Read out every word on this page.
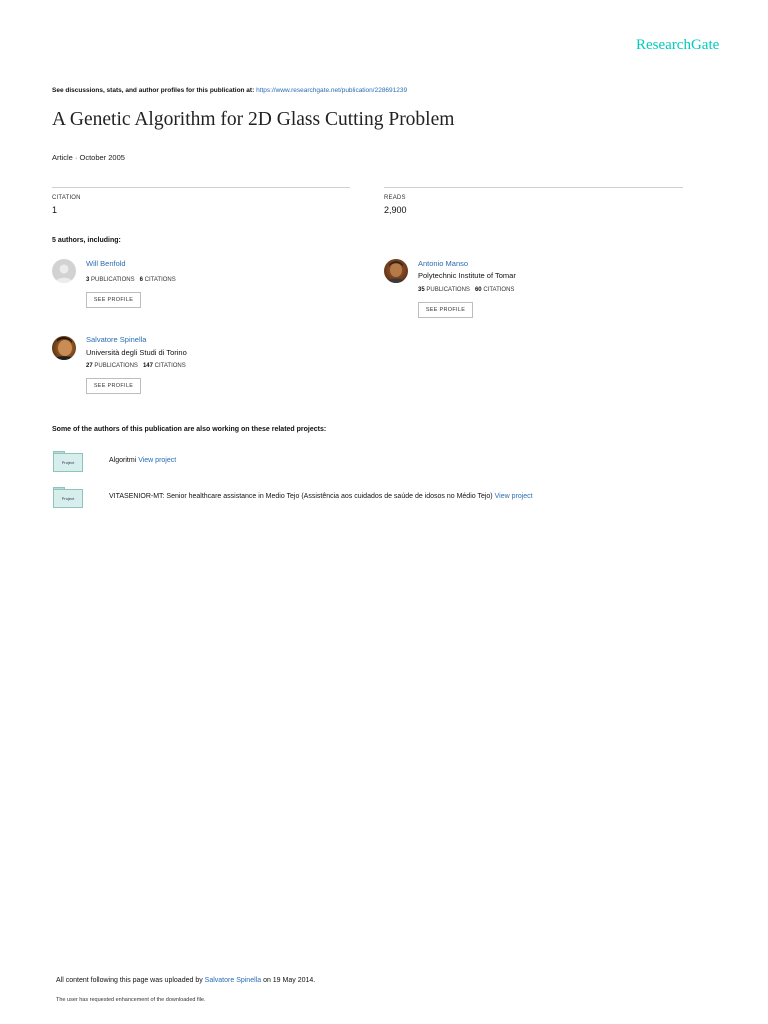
ResearchGate
See discussions, stats, and author profiles for this publication at: https://www.researchgate.net/publication/228691239
A Genetic Algorithm for 2D Glass Cutting Problem
Article · October 2005
CITATION
1
READS
2,900
5 authors, including:
Will Benfold
3 PUBLICATIONS 6 CITATIONS
SEE PROFILE
Antonio Manso
Polytechnic Institute of Tomar
35 PUBLICATIONS 60 CITATIONS
SEE PROFILE
Salvatore Spinella
Università degli Studi di Torino
27 PUBLICATIONS 147 CITATIONS
SEE PROFILE
Some of the authors of this publication are also working on these related projects:
Project	Algoritmi View project
Project	VITASENIOR-MT: Senior healthcare assistance in Medio Tejo (Assistência aos cuidados de saúde de idosos no Médio Tejo) View project
All content following this page was uploaded by Salvatore Spinella on 19 May 2014.
The user has requested enhancement of the downloaded file.
